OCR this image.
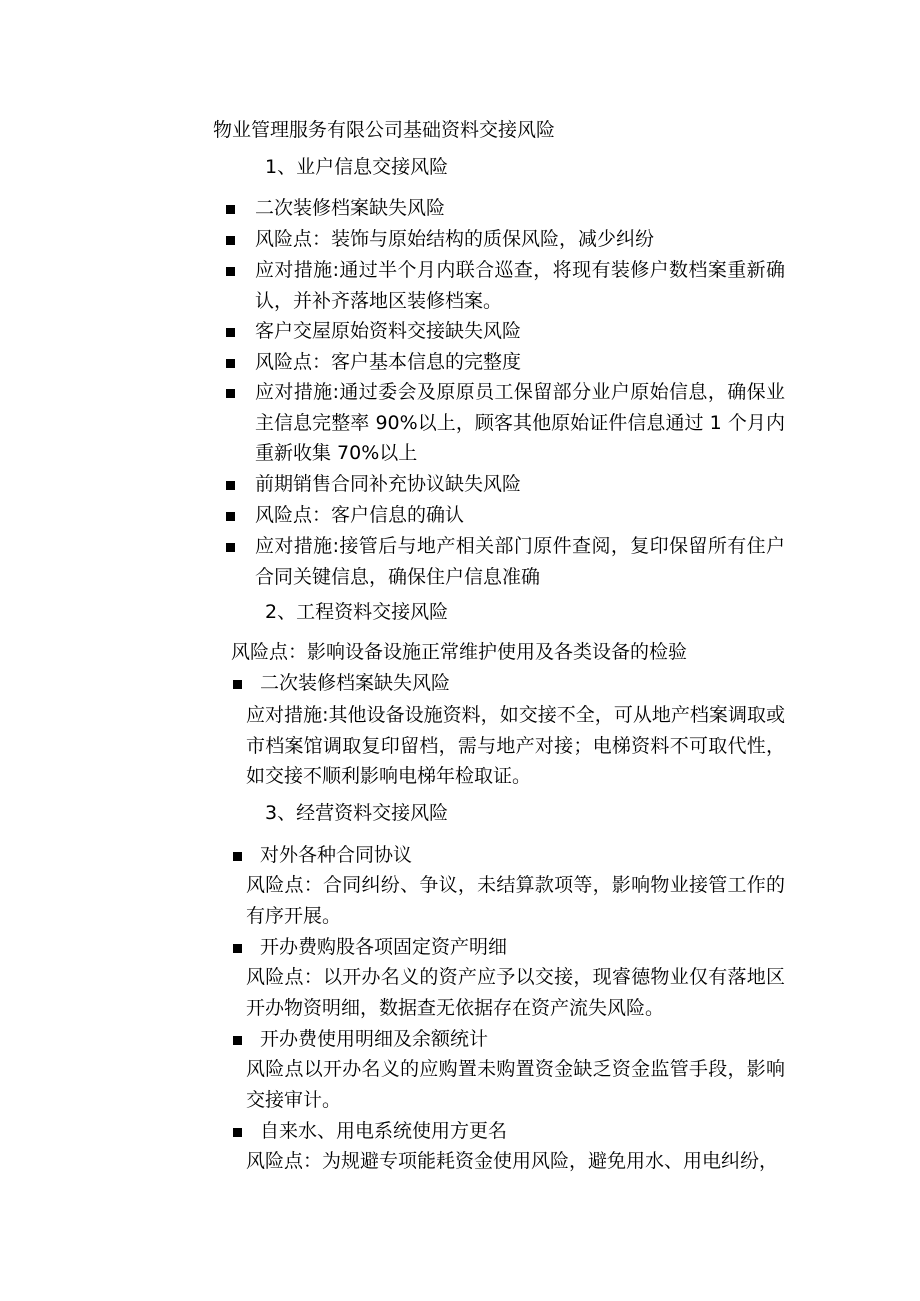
物业管理服务有限公司基础资料交接风险
1、业户信息交接风险
二次装修档案缺失风险
风险点：装饰与原始结构的质保风险，减少纠纷
应对措施:通过半个月内联合巡查，将现有装修户数档案重新确认，并补齐落地区装修档案。
客户交屋原始资料交接缺失风险
风险点：客户基本信息的完整度
应对措施:通过委会及原原员工保留部分业户原始信息，确保业主信息完整率 90%以上，顾客其他原始证件信息通过 1 个月内重新收集 70%以上
前期销售合同补充协议缺失风险
风险点：客户信息的确认
应对措施:接管后与地产相关部门原件查阅，复印保留所有住户合同关键信息，确保住户信息准确
2、工程资料交接风险
风险点：影响设备设施正常维护使用及各类设备的检验
二次装修档案缺失风险
应对措施:其他设备设施资料，如交接不全，可从地产档案调取或市档案馆调取复印留档，需与地产对接；电梯资料不可取代性，如交接不顺利影响电梯年检取证。
3、经营资料交接风险
对外各种合同协议
风险点：合同纠纷、争议，未结算款项等，影响物业接管工作的有序开展。
开办费购股各项固定资产明细
风险点：以开办名义的资产应予以交接，现睿德物业仅有落地区开办物资明细，数据查无依据存在资产流失风险。
开办费使用明细及余额统计
风险点以开办名义的应购置未购置资金缺乏资金监管手段，影响交接审计。
自来水、用电系统使用方更名
风险点：为规避专项能耗资金使用风险，避免用水、用电纠纷，
